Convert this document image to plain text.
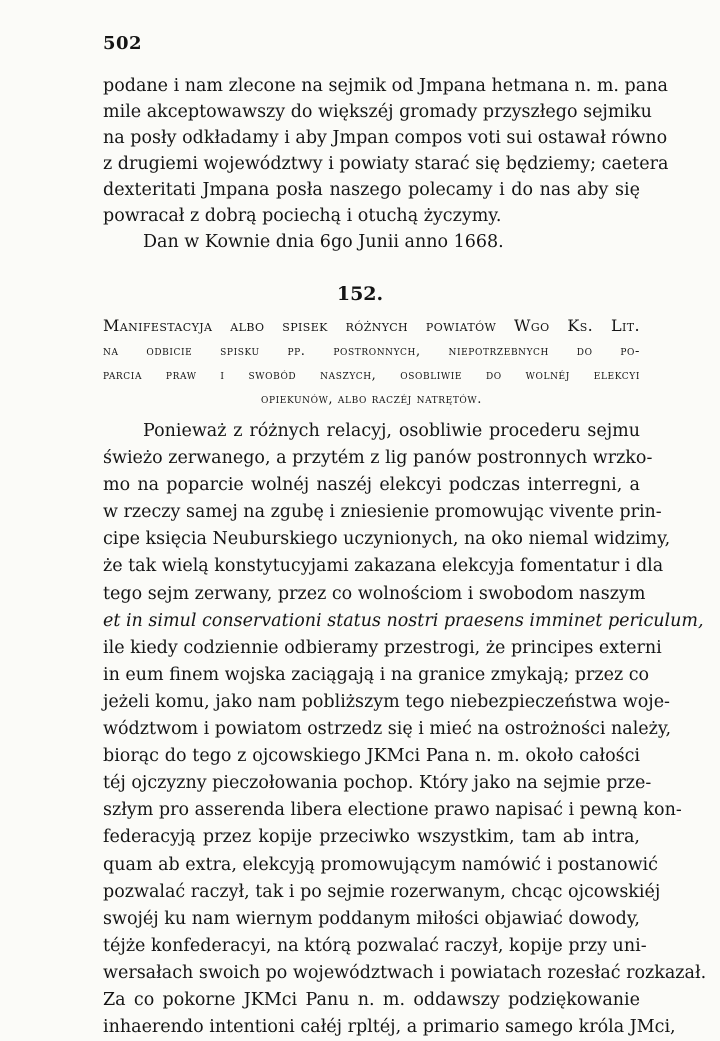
502
podane i nam zlecone na sejmik od Jmpana hetmana n. m. pana
mile akceptowawszy do większéj gromady przyszłego sejmiku
na posły odkładamy i aby Jmpan compos voti sui ostawał równo
z drugiemi województwy i powiaty starać się będziemy; caetera
dexteritati Jmpana posła naszego polecamy i do nas aby się
powracał z dobrą pociechą i otuchą życzymy.
Dan w Kownie dnia 6go Junii anno 1668.
152.
Manifestacyja albo spisek różnych powiatów Wgo Ks. Lit.
na odbicie spisku pp. postronnych, niepotrzebnych do po-
parcia praw i swobód naszych, osobliwie do wolnéj elekcyi
opiekunów, albo raczéj natrętów.
Ponieważ z różnych relacyj, osobliwie procederu sejmu
świeżo zerwanego, a przytém z lig panów postronnych wrzko-
mo na poparcie wolnéj naszéj elekcyi podczas interregni, a
w rzeczy samej na zgubę i zniesienie promowując vivente prin-
cipe księcia Neuburskiego uczynionych, na oko niemal widzimy,
że tak wielą konstytucyjami zakazana elekcyja fomentatur i dla
tego sejm zerwany, przez co wolnościom i swobodom naszym
et in simul conservationi status nostri praesens imminet periculum,
ile kiedy codziennie odbieramy przestrogi, że principes externi
in eum finem wojska zaciągają i na granice zmykają; przez co
jeżeli komu, jako nam pobliższym tego niebezpieczeństwa woje-
wództwom i powiatom ostrzedz się i mieć na ostrożności należy,
biorąc do tego z ojcowskiego JKMci Pana n. m. około całości
téj ojczyzny pieczołowania pochop. Który jako na sejmie prze-
szłym pro asserenda libera electione prawo napisać i pewną kon-
federacyją przez kopije przeciwko wszystkim, tam ab intra,
quam ab extra, elekcyją promowującym namówić i postanowić
pozwalać raczył, tak i po sejmie rozerwanym, chcąc ojcowskiéj
swojéj ku nam wiernym poddanym miłości objawiać dowody,
téjże konfederacyi, na którą pozwalać raczył, kopije przy uni-
wersałach swoich po województwach i powiatach rozesłać rozkazał.
Za co pokorne JKMci Panu n. m. oddawszy podziękowanie
inhaerendo intentioni całéj rpltéj, a primario samego króla JMci,
